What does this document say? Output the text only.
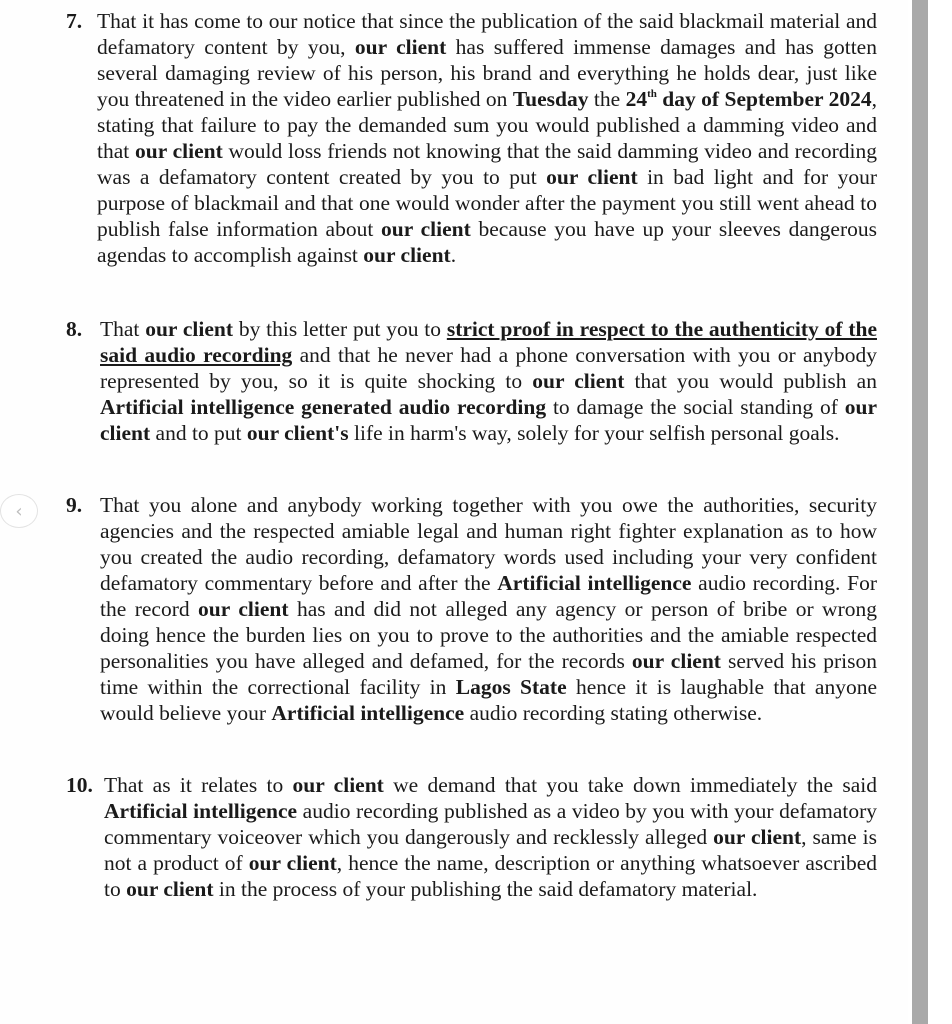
7. That it has come to our notice that since the publication of the said blackmail material and defamatory content by you, our client has suffered immense damages and has gotten several damaging review of his person, his brand and everything he holds dear, just like you threatened in the video earlier published on Tuesday the 24th day of September 2024, stating that failure to pay the demanded sum you would published a damming video and that our client would loss friends not knowing that the said damming video and recording was a defamatory content created by you to put our client in bad light and for your purpose of blackmail and that one would wonder after the payment you still went ahead to publish false information about our client because you have up your sleeves dangerous agendas to accomplish against our client.

8. That our client by this letter put you to strict proof in respect to the authenticity of the said audio recording and that he never had a phone conversation with you or anybody represented by you, so it is quite shocking to our client that you would publish an Artificial intelligence generated audio recording to damage the social standing of our client and to put our client's life in harm's way, solely for your selfish personal goals.

9. That you alone and anybody working together with you owe the authorities, security agencies and the respected amiable legal and human right fighter explanation as to how you created the audio recording, defamatory words used including your very confident defamatory commentary before and after the Artificial intelligence audio recording. For the record our client has and did not alleged any agency or person of bribe or wrong doing hence the burden lies on you to prove to the authorities and the amiable respected personalities you have alleged and defamed, for the records our client served his prison time within the correctional facility in Lagos State hence it is laughable that anyone would believe your Artificial intelligence audio recording stating otherwise.

10. That as it relates to our client we demand that you take down immediately the said Artificial intelligence audio recording published as a video by you with your defamatory commentary voiceover which you dangerously and recklessly alleged our client, same is not a product of our client, hence the name, description or anything whatsoever ascribed to our client in the process of your publishing the said defamatory material.

‹
